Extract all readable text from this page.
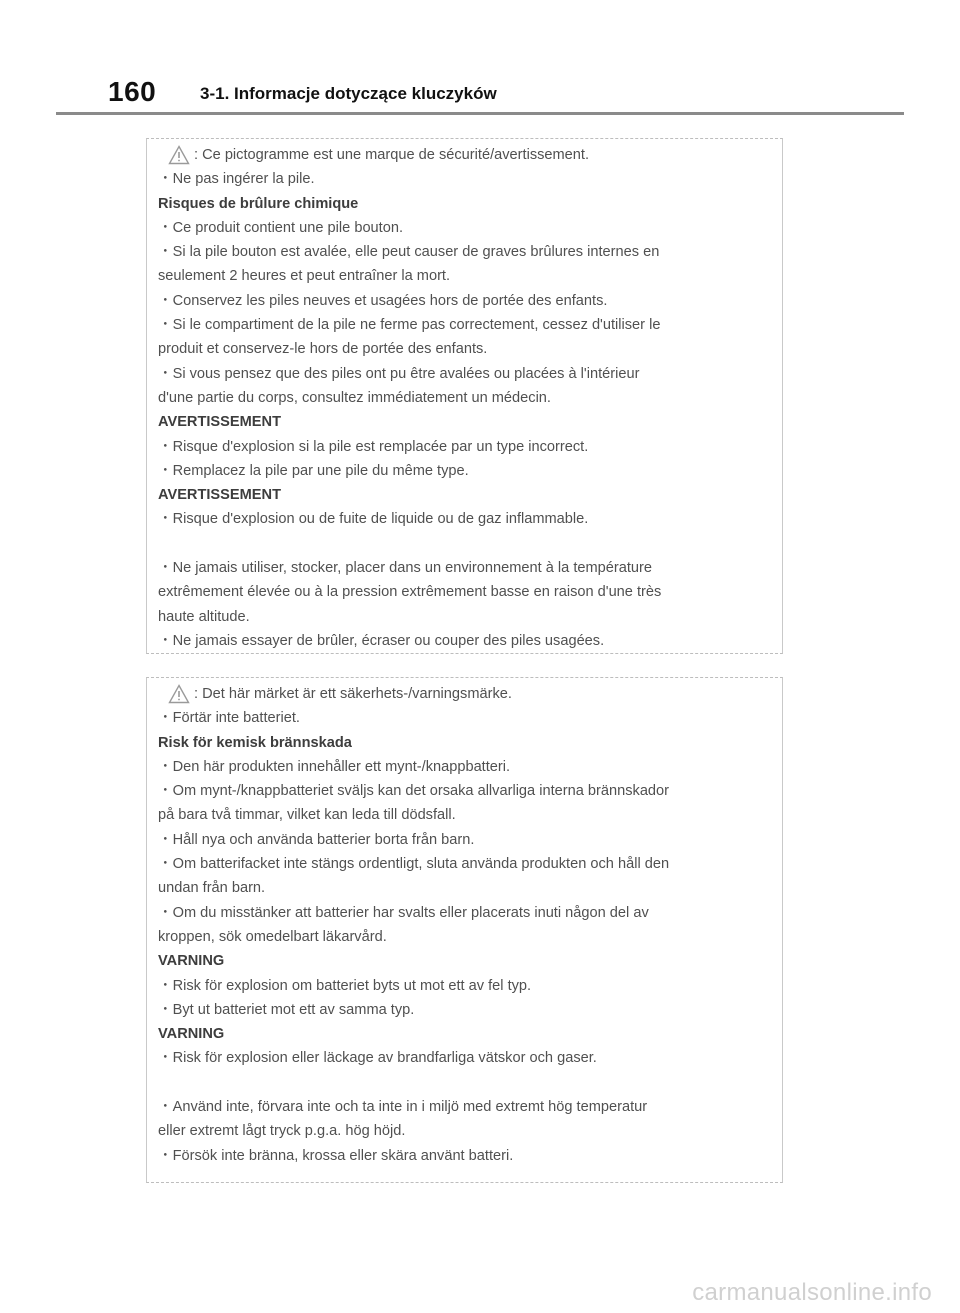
160	3-1. Informacje dotyczące kluczyków
: Ce pictogramme est une marque de sécurité/avertissement.
・Ne pas ingérer la pile.
Risques de brûlure chimique
・Ce produit contient une pile bouton.
・Si la pile bouton est avalée, elle peut causer de graves brûlures internes en
seulement 2 heures et peut entraîner la mort.
・Conservez les piles neuves et usagées hors de portée des enfants.
・Si le compartiment de la pile ne ferme pas correctement, cessez d'utiliser le
produit et conservez-le hors de portée des enfants.
・Si vous pensez que des piles ont pu être avalées ou placées à l'intérieur
d'une partie du corps, consultez immédiatement un médecin.
AVERTISSEMENT
・Risque d'explosion si la pile est remplacée par un type incorrect.
・Remplacez la pile par une pile du même type.
AVERTISSEMENT
・Risque d'explosion ou de fuite de liquide ou de gaz inflammable.
・Ne jamais utiliser, stocker, placer dans un environnement à la température
extrêmement élevée ou à la pression extrêmement basse en raison d'une très
haute altitude.
・Ne jamais essayer de brûler, écraser ou couper des piles usagées.
: Det här märket är ett säkerhets-/varningsmärke.
・Förtär inte batteriet.
Risk för kemisk brännskada
・Den här produkten innehåller ett mynt-/knappbatteri.
・Om mynt-/knappbatteriet sväljs kan det orsaka allvarliga interna brännskador
på bara två timmar, vilket kan leda till dödsfall.
・Håll nya och använda batterier borta från barn.
・Om batterifacket inte stängs ordentligt, sluta använda produkten och håll den
undan från barn.
・Om du misstänker att batterier har svalts eller placerats inuti någon del av
kroppen, sök omedelbart läkarvård.
VARNING
・Risk för explosion om batteriet byts ut mot ett av fel typ.
・Byt ut batteriet mot ett av samma typ.
VARNING
・Risk för explosion eller läckage av brandfarliga vätskor och gaser.
・Använd inte, förvara inte och ta inte in i miljö med extremt hög temperatur
eller extremt lågt tryck p.g.a. hög höjd.
・Försök inte bränna, krossa eller skära använt batteri.
carmanualsonline.info
